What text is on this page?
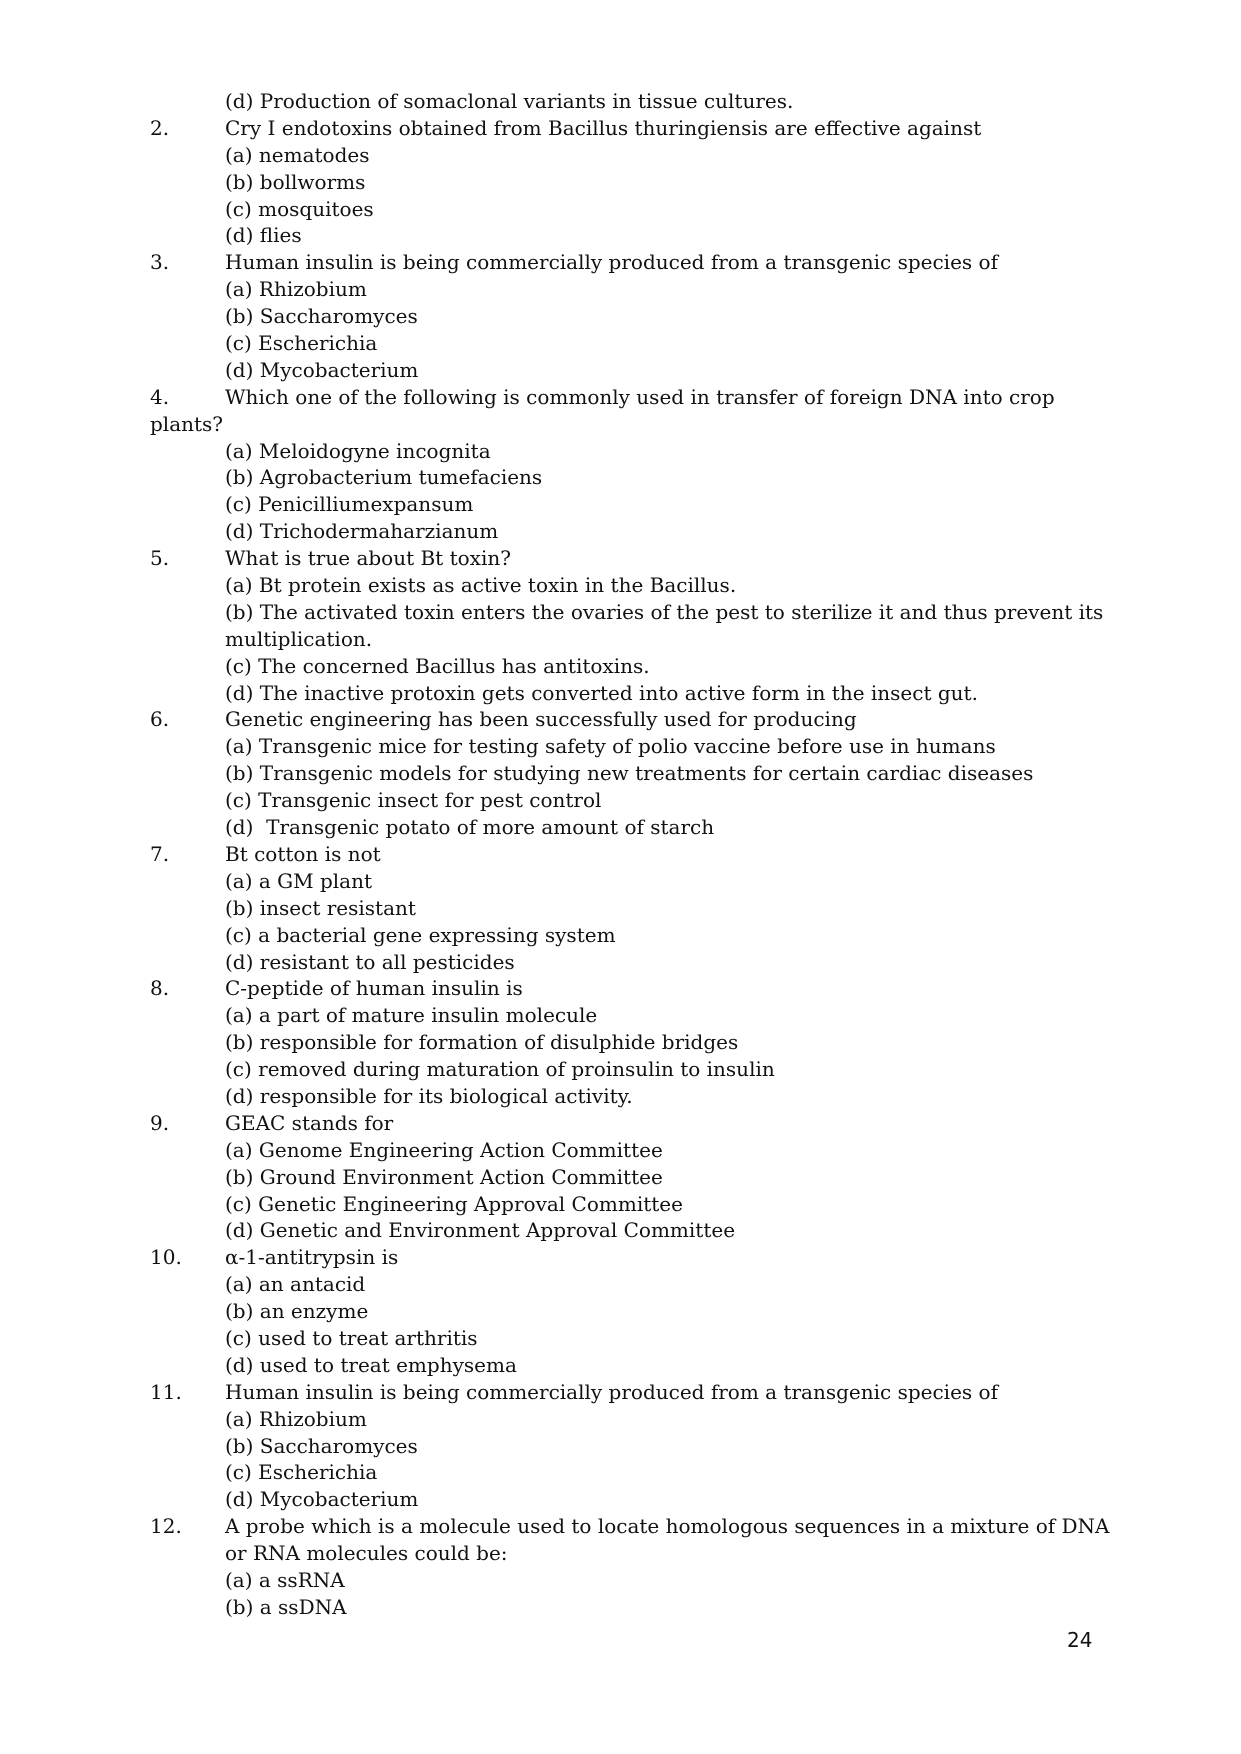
(d) Production of somaclonal variants in tissue cultures.
2.	Cry I endotoxins obtained from Bacillus thuringiensis are effective against
(a) nematodes
(b) bollworms
(c) mosquitoes
(d) flies
3.	Human insulin is being commercially produced from a transgenic species of
(a) Rhizobium
(b) Saccharomyces
(c) Escherichia
(d) Mycobacterium
4.	Which one of the following is commonly used in transfer of foreign DNA into crop
plants?
(a) Meloidogyne incognita
(b) Agrobacterium tumefaciens
(c) Penicilliumexpansum
(d) Trichodermaharzianum
5.	What is true about Bt toxin?
(a) Bt protein exists as active toxin in the Bacillus.
(b) The activated toxin enters the ovaries of the pest to sterilize it and thus prevent its
multiplication.
(c) The concerned Bacillus has antitoxins.
(d) The inactive protoxin gets converted into active form in the insect gut.
6.	Genetic engineering has been successfully used for producing
(a) Transgenic mice for testing safety of polio vaccine before use in humans
(b) Transgenic models for studying new treatments for certain cardiac diseases
(c) Transgenic insect for pest control
(d)  Transgenic potato of more amount of starch
7.	Bt cotton is not
(a) a GM plant
(b) insect resistant
(c) a bacterial gene expressing system
(d) resistant to all pesticides
8.	C-peptide of human insulin is
(a) a part of mature insulin molecule
(b) responsible for formation of disulphide bridges
(c) removed during maturation of proinsulin to insulin
(d) responsible for its biological activity.
9.	GEAC stands for
(a) Genome Engineering Action Committee
(b) Ground Environment Action Committee
(c) Genetic Engineering Approval Committee
(d) Genetic and Environment Approval Committee
10. α-1-antitrypsin is
(a) an antacid
(b) an enzyme
(c) used to treat arthritis
(d) used to treat emphysema
11. Human insulin is being commercially produced from a transgenic species of
(a) Rhizobium
(b) Saccharomyces
(c) Escherichia
(d) Mycobacterium
12. A probe which is a molecule used to locate homologous sequences in a mixture of DNA
or RNA molecules could be:
(a) a ssRNA
(b) a ssDNA
24
